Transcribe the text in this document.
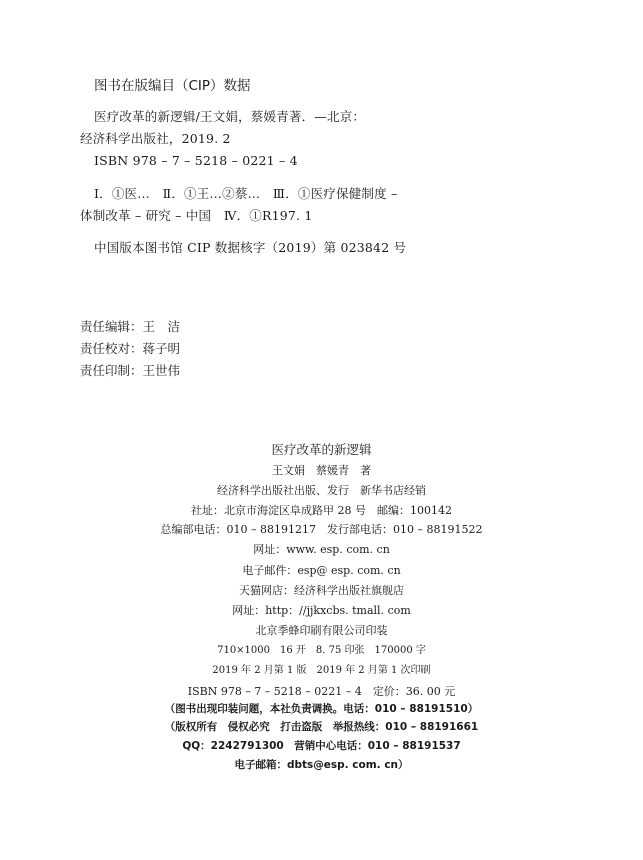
图书在版编目（CIP）数据
医疗改革的新逻辑/王文娟，蔡媛青著．—北京：
经济科学出版社，2019. 2
ISBN 978 – 7 – 5218 – 0221 – 4
Ⅰ．①医…　Ⅱ．①王…②蔡…　Ⅲ．①医疗保健制度 –
体制改革 – 研究 – 中国　Ⅳ．①R197. 1
中国版本图书馆 CIP 数据核字（2019）第 023842 号
责任编辑：王　洁
责任校对：蒋子明
责任印制：王世伟
医疗改革的新逻辑
王文娟　蔡媛青　著
经济科学出版社出版、发行　新华书店经销
社址：北京市海淀区阜成路甲 28 号　邮编：100142
总编部电话：010 – 88191217　发行部电话：010 – 88191522
网址：www. esp. com. cn
电子邮件：esp@ esp. com. cn
天猫网店：经济科学出版社旗舰店
网址：http：//jjkxcbs. tmall. com
北京季蜂印刷有限公司印装
710×1000　16 开　8. 75 印张　170000 字
2019 年 2 月第 1 版　2019 年 2 月第 1 次印刷
ISBN 978 – 7 – 5218 – 0221 – 4　定价：36. 00 元
（图书出现印装问题，本社负责调换。电话：010 – 88191510）
（版权所有　侵权必究　打击盗版　举报热线：010 – 88191661
QQ：2242791300　营销中心电话：010 – 88191537
电子邮箱：dbts@esp. com. cn）
